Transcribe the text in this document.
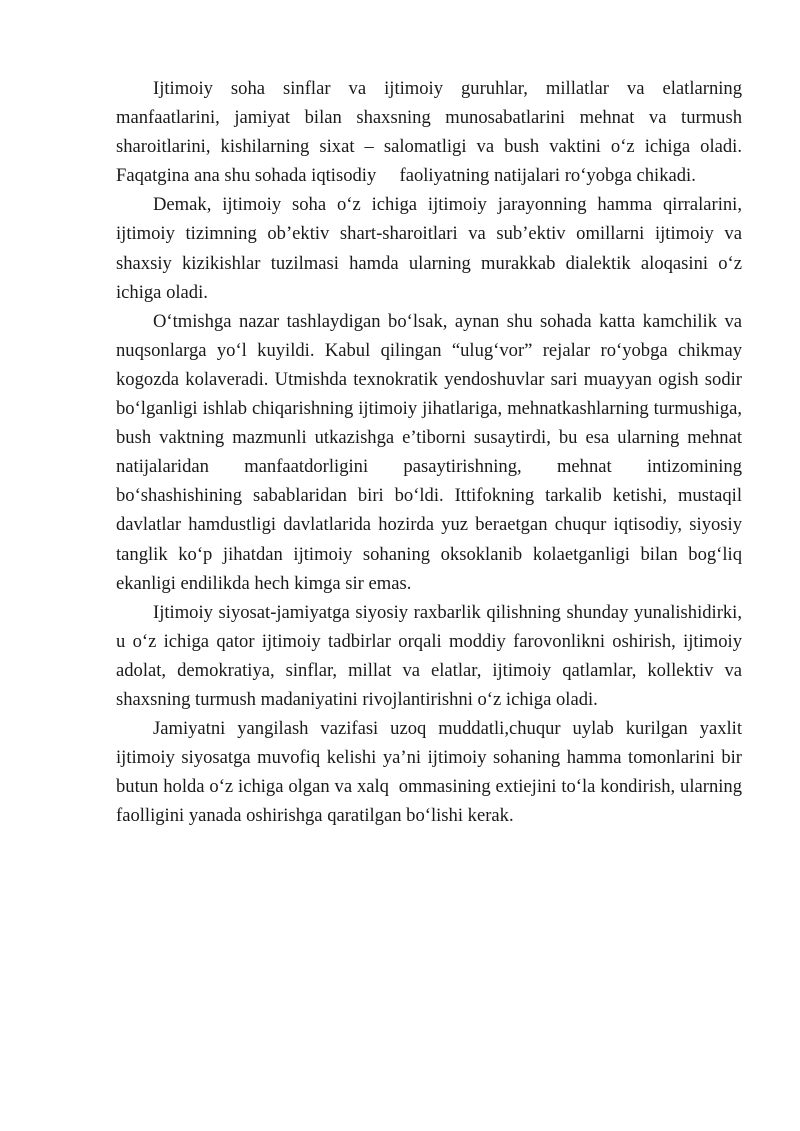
Ijtimoiy soha sinflar va ijtimoiy guruhlar, millatlar va elatlarning manfaatlarini, jamiyat bilan shaxsning munosabatlarini mehnat va turmush sharoitlarini, kishilarning sixat – salomatligi va bush vaktini o‘z ichiga oladi. Faqatgina ana shu sohada iqtisodiy     faoliyatning natijalari ro‘yobga chikadi.

Demak, ijtimoiy soha o‘z ichiga ijtimoiy jarayonning hamma qirralarini, ijtimoiy tizimning ob’ektiv shart-sharoitlari va sub’ektiv omillarni ijtimoiy va shaxsiy kizikishlar tuzilmasi hamda ularning murakkab dialektik aloqasini o‘z ichiga oladi.

O‘tmishga nazar tashlaydigan bo‘lsak, aynan shu sohada katta kamchilik va nuqsonlarga yo‘l kuyildi. Kabul qilingan “ulug‘vor” rejalar ro‘yobga chikmay kogozda kolaveradi. Utmishda texnokratik yendoshuvlar sari muayyan ogish sodir bo‘lganligi ishlab chiqarishning ijtimoiy jihatlariga, mehnatkashlarning turmushiga, bush vaktning mazmunli utkazishga e’tiborni susaytirdi, bu esa ularning mehnat natijalaridan manfaatdorligini pasaytirishning, mehnat intizomining bo‘shashishining sabablaridan biri bo‘ldi. Ittifokning tarkalib ketishi, mustaqil davlatlar hamdustligi davlatlarida hozirda yuz beraetgan chuqur iqtisodiy, siyosiy tanglik ko‘p jihatdan ijtimoiy sohaning oksoklanib kolaetganligi bilan bog‘liq ekanligi endilikda hech kimga sir emas.

Ijtimoiy siyosat-jamiyatga siyosiy raxbarlik qilishning shunday yunalishidirki, u o‘z ichiga qator ijtimoiy tadbirlar orqali moddiy farovonlikni oshirish, ijtimoiy adolat, demokratiya, sinflar, millat va elatlar, ijtimoiy qatlamlar, kollektiv va shaxsning turmush madaniyatini rivojlantirishni o‘z ichiga oladi.

Jamiyatni yangilash vazifasi uzoq muddatli,chuqur uylab kurilgan yaxlit ijtimoiy siyosatga muvofiq kelishi ya’ni ijtimoiy sohaning hamma tomonlarini bir butun holda o‘z ichiga olgan va xalq  ommasining extiejini to‘la kondirish, ularning faolligini yanada oshirishga qaratilgan bo‘lishi kerak.
